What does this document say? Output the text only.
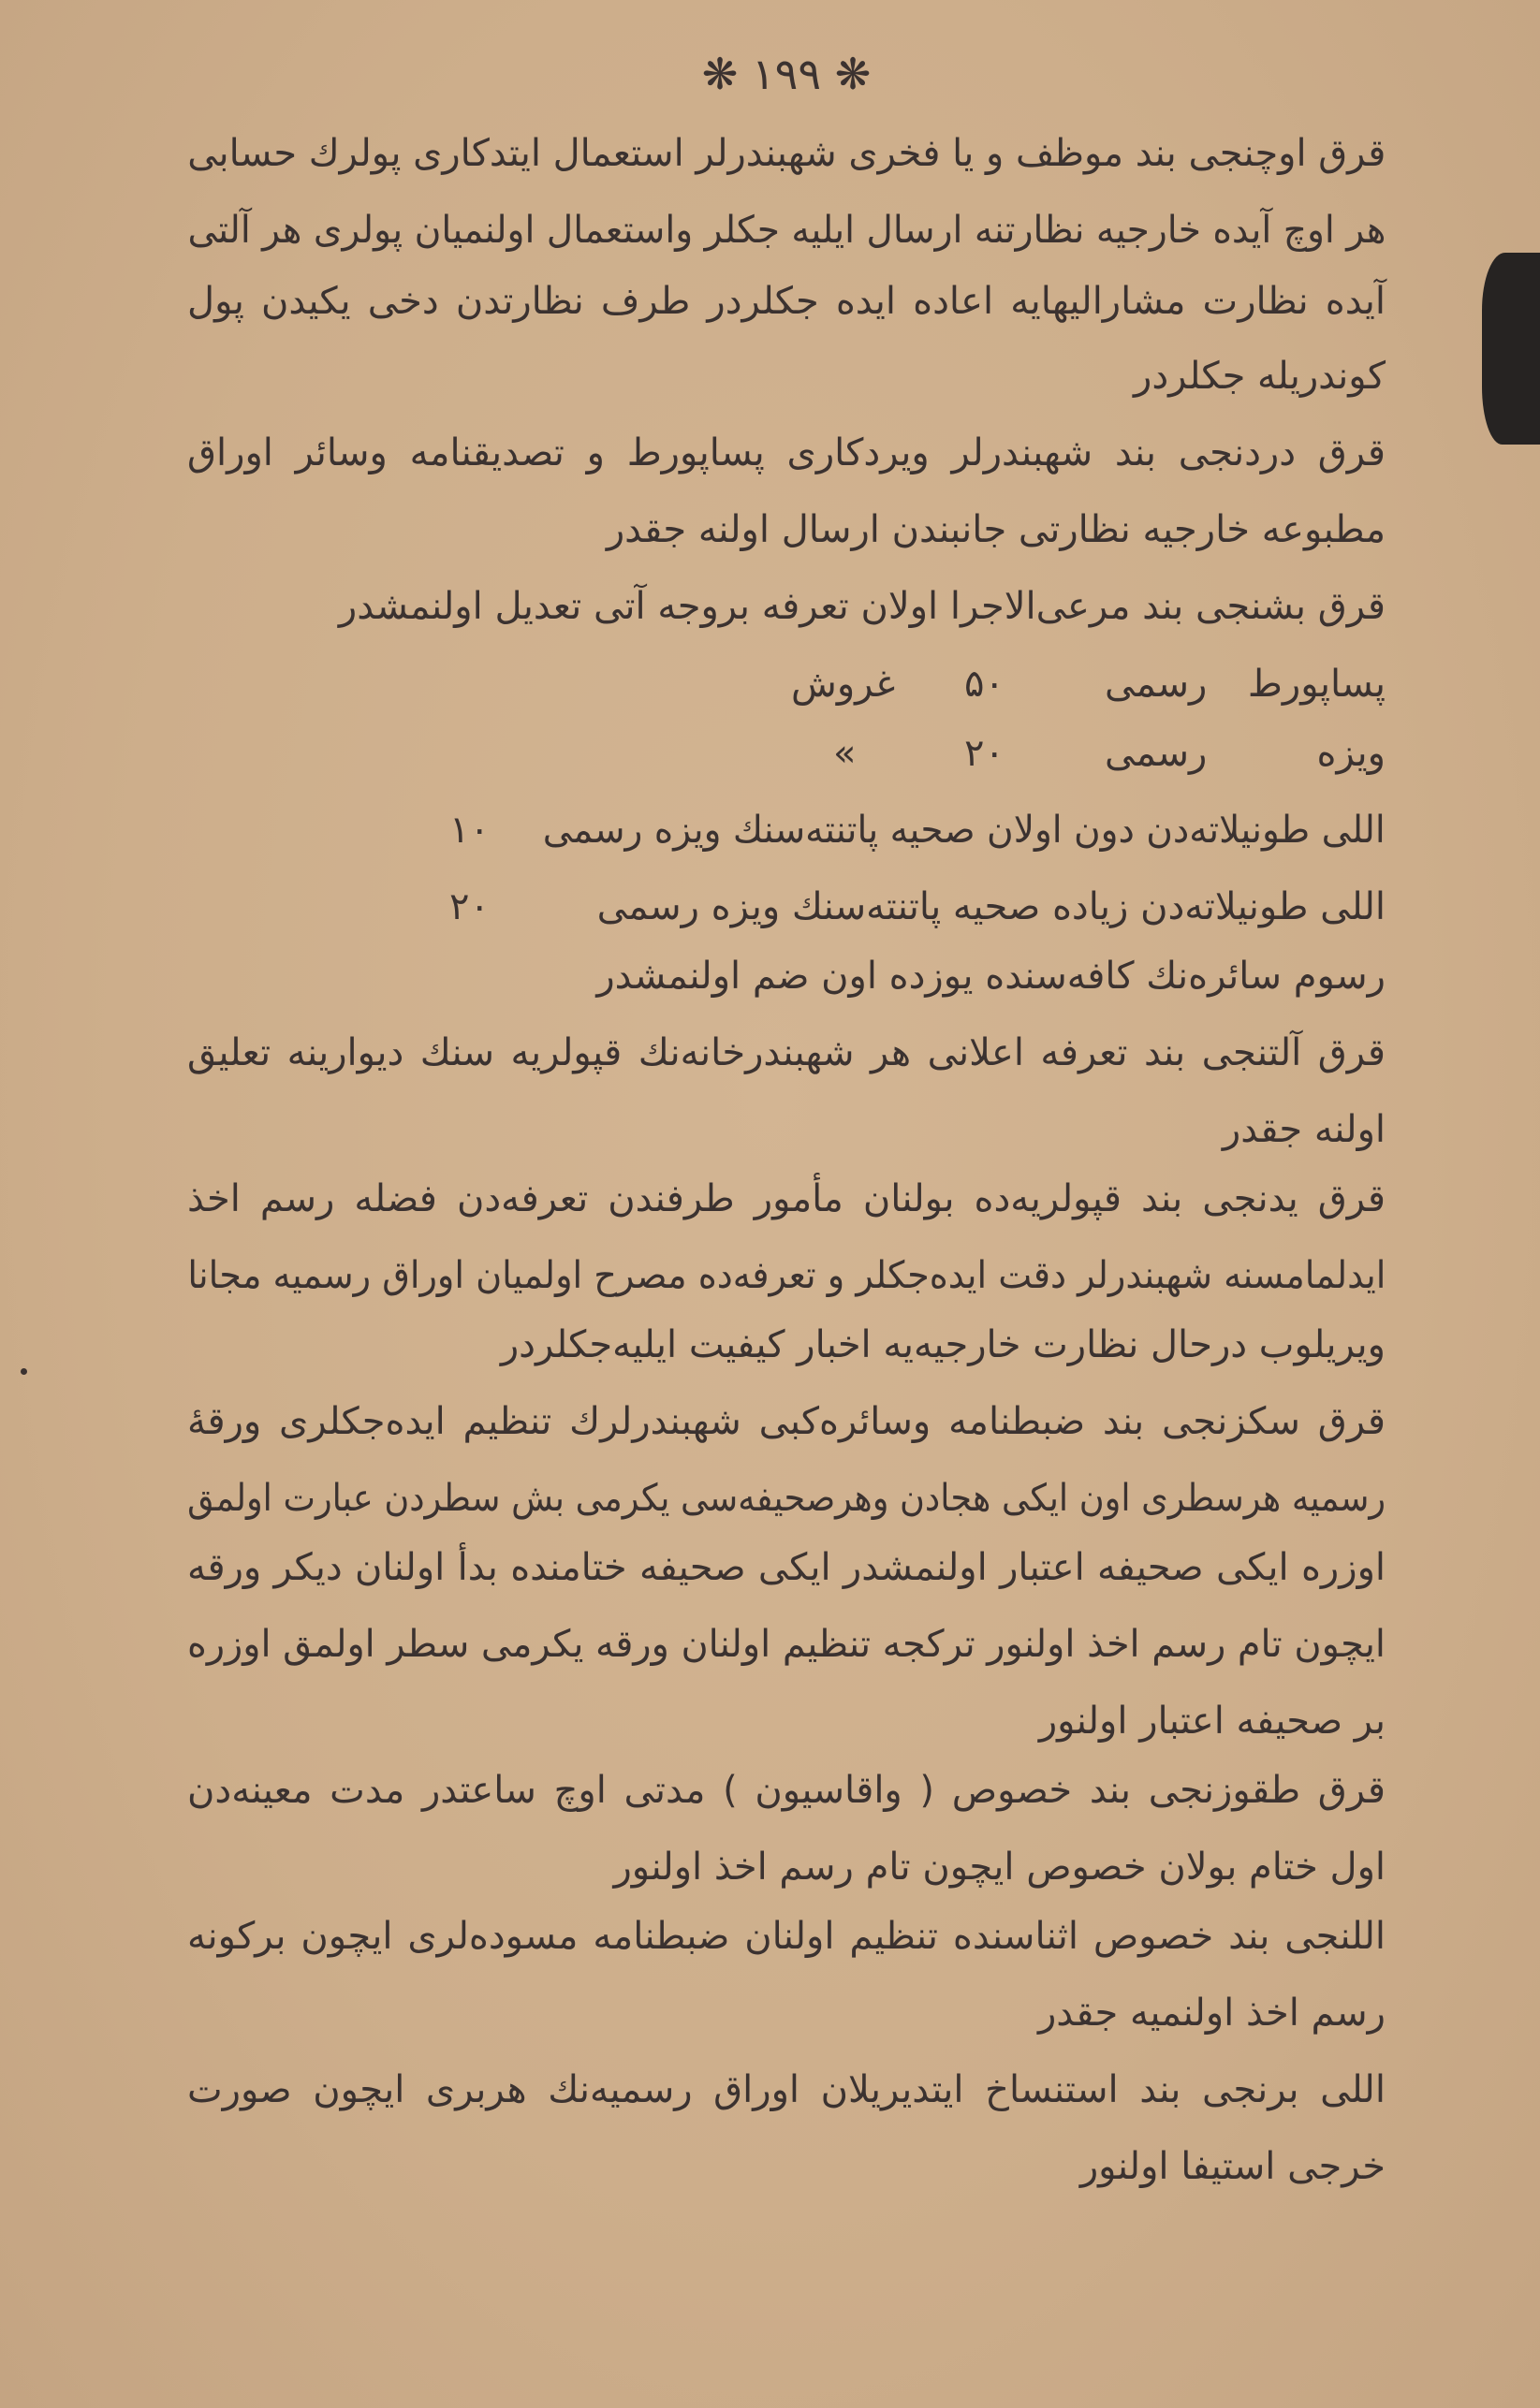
❋ ۱۹۹ ❋
قرق اوچنجی بند موظف و یا فخری شهبندرلر استعمال ایتدکاری پولرك حسابی
هر اوچ آیده خارجیه نظارتنه ارسال ایلیه جکلر واستعمال اولنمیان پولری هر آلتی
آیده نظارت مشارالیهایه اعاده ایده جکلردر طرف نظارتدن دخی یکیدن پول
کوندریله جکلردر
قرق دردنجی بند شهبندرلر ویردکاری پساپورط و تصدیقنامه وسائر اوراق
مطبوعه خارجیه نظارتی جانبندن ارسال اولنه جقدر
قرق بشنجی بند مرعی‌الاجرا اولان تعرفه بروجه آتی تعدیل اولنمشدر
پساپورط
رسمی
۵۰
غروش
ویزه
رسمی
۲۰
»
اللی طونیلاته‌دن دون اولان صحیه پاتنته‌سنك ویزه رسمی
۱۰
اللی طونیلاته‌دن زیاده صحیه پاتنته‌سنك ویزه رسمی
۲۰
رسوم سائره‌نك کافه‌سنده یوزده اون ضم اولنمشدر
قرق آلتنجی بند تعرفه اعلانی هر شهبندرخانه‌نك قپولریه سنك دیوارینه تعلیق
اولنه جقدر
قرق یدنجی بند قپولریه‌ده بولنان مأمور طرفندن تعرفه‌دن فضله رسم اخذ
ایدلمامسنه شهبندرلر دقت ایده‌جکلر و تعرفه‌ده مصرح اولمیان اوراق رسمیه مجانا
ویریلوب درحال نظارت خارجیه‌یه اخبار کیفیت ایلیه‌جکلردر
قرق سکزنجی بند ضبطنامه وسائره‌کبی شهبندرلرك تنظیم ایده‌جکلری ورقهٔ
رسمیه هرسطری اون ایکی هجادن وهرصحیفه‌سی یکرمی بش سطردن عبارت اولمق
اوزره ایکی صحیفه اعتبار اولنمشدر ایکی صحیفه ختامنده بدأ اولنان دیکر ورقه
ایچون تام رسم اخذ اولنور ترکجه تنظیم اولنان ورقه یکرمی سطر اولمق اوزره
بر صحیفه اعتبار اولنور
قرق طقوزنجی بند خصوص ( واقاسیون ) مدتی اوچ ساعتدر مدت معینه‌دن
اول ختام بولان خصوص ایچون تام رسم اخذ اولنور
اللنجی بند خصوص اثناسنده تنظیم اولنان ضبطنامه مسوده‌لری ایچون برکونه
رسم اخذ اولنمیه جقدر
اللی برنجی بند استنساخ ایتدیریلان اوراق رسمیه‌نك هربری ایچون صورت
خرجی استیفا اولنور
